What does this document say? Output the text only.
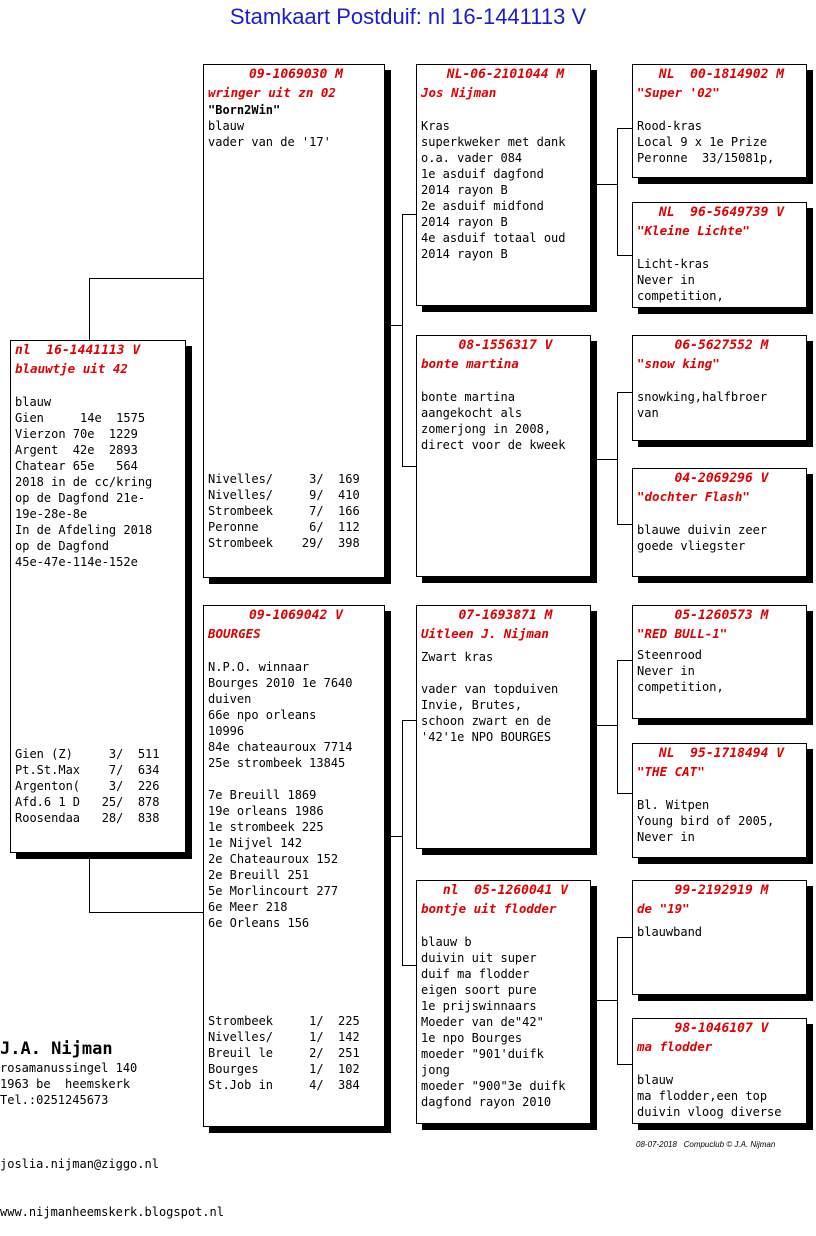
Stamkaart Postduif: nl 16-1441113 V
nl  16-1441113 V
blauwtje uit 42

blauw
Gien     14e  1575
Vierzon 70e  1229
Argent  42e  2893
Chatear 65e   564
2018 in de cc/kring
op de Dagfond 21e-
19e-28e-8e
In de Afdeling 2018
op de Dagfond
45e-47e-114e-152e
Gien (Z)     3/  511
Pt.St.Max    7/  634
Argenton(    3/  226
Afd.6 1 D   25/  878
Roosendaa   28/  838
09-1069030 M
wringer uit zn 02
"Born2Win"
blauw
vader van de '17'
Nivelles/     3/  169
Nivelles/     9/  410
Strombeek     7/  166
Peronne       6/  112
Strombeek    29/  398
09-1069042 V
BOURGES

N.P.O. winnaar
Bourges 2010 1e 7640
duiven
66e npo orleans
10996
84e chateauroux 7714
25e strombeek 13845

7e Breuill 1869
19e orleans 1986
1e strombeek 225
1e Nijvel 142
2e Chateauroux 152
2e Breuill 251
5e Morlincourt 277
6e Meer 218
6e Orleans 156
Strombeek     1/  225
Nivelles/     1/  142
Breuil le     2/  251
Bourges       1/  102
St.Job in     4/  384
NL-06-2101044 M
Jos Nijman

Kras
superkweker met dank
o.a. vader 084
1e asduif dagfond
2014 rayon B
2e asduif midfond
2014 rayon B
4e asduif totaal oud
2014 rayon B
08-1556317 V
bonte martina

bonte martina
aangekocht als
zomerjong in 2008,
direct voor de kweek
07-1693871 M
Uitleen J. Nijman
Zwart kras

vader van topduiven
Invie, Brutes,
schoon zwart en de
'42'1e NPO BOURGES
nl  05-1260041 V
bontje uit flodder

blauw b
duivin uit super
duif ma flodder
eigen soort pure
1e prijswinnaars
Moeder van de"42"
1e npo Bourges
moeder "901'duifk
jong
moeder "900"3e duifk
dagfond rayon 2010
NL  00-1814902 M
"Super '02"

Rood-kras
Local 9 x 1e Prize
Peronne  33/15081p,
NL  96-5649739 V
"Kleine Lichte"

Licht-kras
Never in
competition,
06-5627552 M
"snow king"

snowking,halfbroer
van
04-2069296 V
"dochter Flash"

blauwe duivin zeer
goede vliegster
05-1260573 M
"RED BULL-1"
Steenrood
Never in
competition,
NL  95-1718494 V
"THE CAT"

Bl. Witpen
Young bird of 2005,
Never in
99-2192919 M
de "19"
blauwband
98-1046107 V
ma flodder

blauw
ma flodder,een top
duivin vloog diverse
J.A. Nijman
rosamanussingel 140
1963 be  heemskerk
Tel.:0251245673

joslia.nijman@ziggo.nl

www.nijmanheemskerk.blogspot.nl

08-07-2018   Compuclub © J.A. Nijman
